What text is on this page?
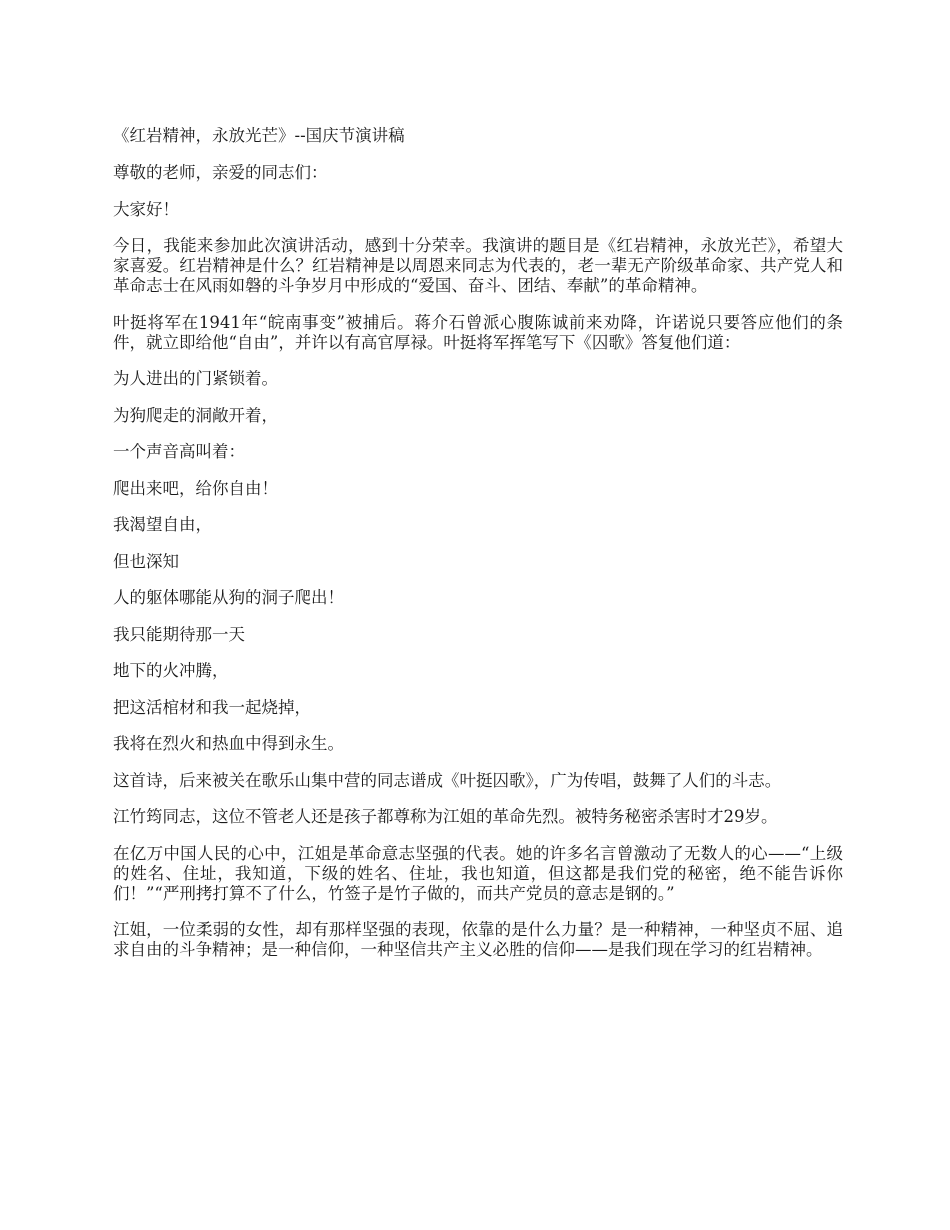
《红岩精神，永放光芒》--国庆节演讲稿

尊敬的老师，亲爱的同志们：

大家好！

今日，我能来参加此次演讲活动，感到十分荣幸。我演讲的题目是《红岩精神，永放光芒》，希望大家喜爱。红岩精神是什么？红岩精神是以周恩来同志为代表的，老一辈无产阶级革命家、共产党人和革命志士在风雨如磐的斗争岁月中形成的“爱国、奋斗、团结、奉献”的革命精神。

叶挺将军在1941年“皖南事变”被捕后。蒋介石曾派心腹陈诚前来劝降，许诺说只要答应他们的条件，就立即给他“自由”，并许以有高官厚禄。叶挺将军挥笔写下《囚歌》答复他们道：

为人进出的门紧锁着。

为狗爬走的洞敞开着，

一个声音高叫着：

爬出来吧，给你自由！

我渴望自由，

但也深知

人的躯体哪能从狗的洞子爬出！

我只能期待那一天

地下的火冲腾，

把这活棺材和我一起烧掉，

我将在烈火和热血中得到永生。

这首诗，后来被关在歌乐山集中营的同志谱成《叶挺囚歌》，广为传唱，鼓舞了人们的斗志。

江竹筠同志，这位不管老人还是孩子都尊称为江姐的革命先烈。被特务秘密杀害时才29岁。

在亿万中国人民的心中，江姐是革命意志坚强的代表。她的许多名言曾激动了无数人的心——“上级的姓名、住址，我知道，下级的姓名、住址，我也知道，但这都是我们党的秘密，绝不能告诉你们！”“严刑拷打算不了什么，竹签子是竹子做的，而共产党员的意志是钢的。”

江姐，一位柔弱的女性，却有那样坚强的表现，依靠的是什么力量？是一种精神，一种坚贞不屈、追求自由的斗争精神；是一种信仰，一种坚信共产主义必胜的信仰——是我们现在学习的红岩精神。
